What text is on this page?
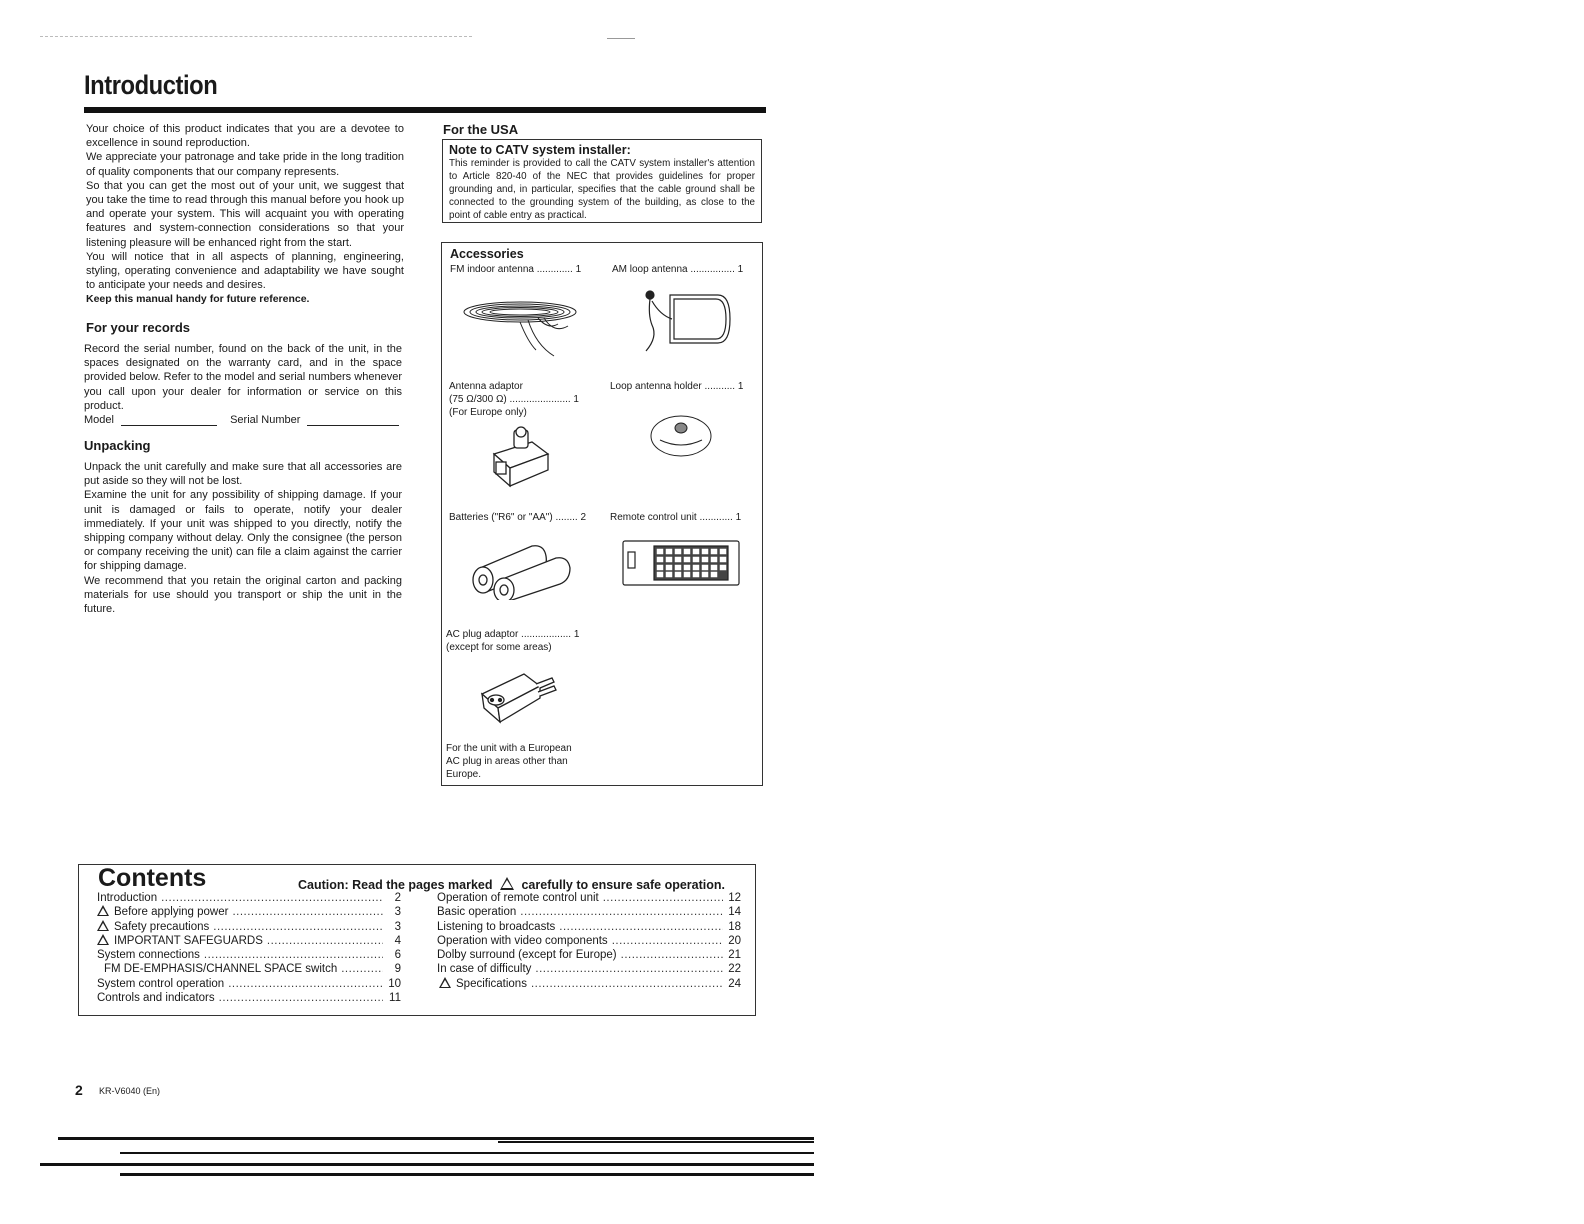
Introduction

Your choice of this product indicates that you are a devotee to excellence in sound reproduction.

We appreciate your patronage and take pride in the long tradition of quality components that our company represents.

So that you can get the most out of your unit, we suggest that you take the time to read through this manual before you hook up and operate your system. This will acquaint you with operating features and system-connection considerations so that your listening pleasure will be enhanced right from the start.

You will notice that in all aspects of planning, engineering, styling, operating convenience and adaptability we have sought to anticipate your needs and desires.

Keep this manual handy for future reference.

For your records

Record the serial number, found on the back of the unit, in the spaces designated on the warranty card, and in the space provided below. Refer to the model and serial numbers whenever you call upon your dealer for information or service on this product.

Model	Serial Number
Unpacking

Unpack the unit carefully and make sure that all accessories are put aside so they will not be lost.

Examine the unit for any possibility of shipping damage. If your unit is damaged or fails to operate, notify your dealer immediately. If your unit was shipped to you directly, notify the shipping company without delay. Only the consignee (the person or company receiving the unit) can file a claim against the carrier for shipping damage.

We recommend that you retain the original carton and packing materials for use should you transport or ship the unit in the future.

For the USA
Note to CATV system installer:
This reminder is provided to call the CATV system installer's attention to Article 820-40 of the NEC that provides guidelines for proper grounding and, in particular, specifies that the cable ground shall be connected to the grounding system of the building, as close to the point of cable entry as practical.
Accessories
FM indoor antenna ............. 1	AM loop antenna ................ 1
Antenna adaptor
(75 Ω/300 Ω) ...................... 1
(For Europe only)
Loop antenna holder ........... 1
Batteries ("R6" or "AA") ........ 2 Remote control unit ............ 1
AC plug adaptor .................. 1
(except for some areas)
For the unit with a European
AC plug in areas other than
Europe.
Contents	Caution: Read the pages marked carefully to ensure safe operation.
Introduction .....	2
Before applying power .....	3
Safety precautions .....	3
IMPORTANT SAFEGUARDS .....	4
System connections .....	6
FM DE-EMPHASIS/CHANNEL SPACE switch .....	9
System control operation .....	10
Controls and indicators .....	11
Operation of remote control unit .....	12
Basic operation .....	14
Listening to broadcasts .....	18
Operation with video components .....	20
Dolby surround (except for Europe) .....	21
In case of difficulty .....	22
Specifications .....	24
2 KR-V6040 (En)
